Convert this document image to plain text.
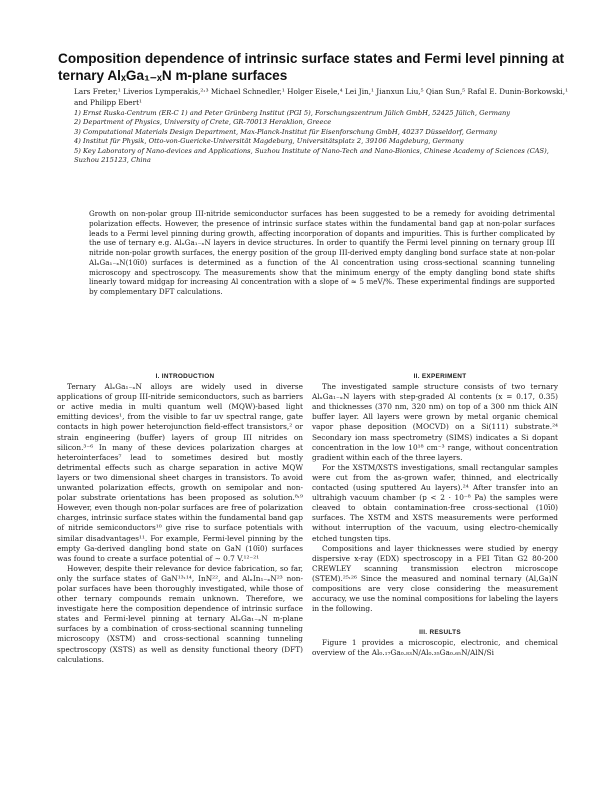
Composition dependence of intrinsic surface states and Fermi level pinning at ternary AlₓGa₁₋ₓN m-plane surfaces
Lars Freter,¹ Liverios Lymperakis,²˒³ Michael Schnedler,¹ Holger Eisele,⁴ Lei Jin,¹ Jianxun Liu,⁵ Qian Sun,⁵ Rafal E. Dunin-Borkowski,¹ and Philipp Ebert¹

1) Ernst Ruska-Centrum (ER-C 1) and Peter Grünberg Institut (PGI 5), Forschungszentrum Jülich GmbH, 52425 Jülich, Germany

2) Department of Physics, University of Crete, GR-70013 Heraklion, Greece

3) Computational Materials Design Department, Max-Planck-Institut für Eisenforschung GmbH, 40237 Düsseldorf, Germany

4) Institut für Physik, Otto-von-Guericke-Universität Magdeburg, Universitätsplatz 2, 39106 Magdeburg, Germany

5) Key Laboratory of Nano-devices and Applications, Suzhou Institute of Nano-Tech and Nano-Bionics, Chinese Academy of Sciences (CAS), Suzhou 215123, China

Growth on non-polar group III-nitride semiconductor surfaces has been suggested to be a remedy for avoiding detrimental polarization effects. However, the presence of intrinsic surface states within the fundamental band gap at non-polar surfaces leads to a Fermi level pinning during growth, affecting incorporation of dopants and impurities. This is further complicated by the use of ternary e.g. AlₓGa₁₋ₓN layers in device structures. In order to quantify the Fermi level pinning on ternary group III nitride non-polar growth surfaces, the energy position of the group III-derived empty dangling bond surface state at non-polar AlₓGa₁₋ₓN(10ī0) surfaces is determined as a function of the Al concentration using cross-sectional scanning tunneling microscopy and spectroscopy. The measurements show that the minimum energy of the empty dangling bond state shifts linearly toward midgap for increasing Al concentration with a slope of ≈ 5 meV/%. These experimental findings are supported by complementary DFT calculations.

I. INTRODUCTION

Ternary AlₓGa₁₋ₓN alloys are widely used in diverse applications of group III-nitride semiconductors, such as barriers or active media in multi quantum well (MQW)-based light emitting devices¹, from the visible to far uv spectral range, gate contacts in high power heterojunction field-effect transistors,² or strain engineering (buffer) layers of group III nitrides on silicon.³⁻⁶ In many of these devices polarization charges at heterointerfaces⁷ lead to sometimes desired but mostly detrimental effects such as charge separation in active MQW layers or two dimensional sheet charges in transistors. To avoid unwanted polarization effects, growth on semipolar and non-polar substrate orientations has been proposed as solution.⁸˒⁹ However, even though non-polar surfaces are free of polarization charges, intrinsic surface states within the fundamental band gap of nitride semiconductors¹⁰ give rise to surface potentials with similar disadvantages¹¹. For example, Fermi-level pinning by the empty Ga-derived dangling bond state on GaN (10ī0) surfaces was found to create a surface potential of ∼ 0.7 V.¹²⁻²¹

However, despite their relevance for device fabrication, so far, only the surface states of GaN¹³˒¹⁴, InN²², and AlₓIn₁₋ₓN²³ non-polar surfaces have been thoroughly investigated, while those of other ternary compounds remain unknown. Therefore, we investigate here the composition dependence of intrinsic surface states and Fermi-level pinning at ternary AlₓGa₁₋ₓN m-plane surfaces by a combination of cross-sectional scanning tunneling microscopy (XSTM) and cross-sectional scanning tunneling spectroscopy (XSTS) as well as density functional theory (DFT) calculations.

II. EXPERIMENT

The investigated sample structure consists of two ternary AlₓGa₁₋ₓN layers with step-graded Al contents (x = 0.17, 0.35) and thicknesses (370 nm, 320 nm) on top of a 300 nm thick AlN buffer layer. All layers were grown by metal organic chemical vapor phase deposition (MOCVD) on a Si(111) substrate.²⁴ Secondary ion mass spectrometry (SIMS) indicates a Si dopant concentration in the low 10¹⁸ cm⁻³ range, without concentration gradient within each of the three layers.

For the XSTM/XSTS investigations, small rectangular samples were cut from the as-grown wafer, thinned, and electrically contacted (using sputtered Au layers).²⁴ After transfer into an ultrahigh vacuum chamber (p < 2 · 10⁻⁸ Pa) the samples were cleaved to obtain contamination-free cross-sectional (10ī0) surfaces. The XSTM and XSTS measurements were performed without interruption of the vacuum, using electro-chemically etched tungsten tips.

Compositions and layer thicknesses were studied by energy dispersive x-ray (EDX) spectroscopy in a FEI Titan G2 80-200 CREWLEY scanning transmission electron microscope (STEM).²⁵˒²⁶ Since the measured and nominal ternary (Al,Ga)N compositions are very close considering the measurement accuracy, we use the nominal compositions for labeling the layers in the following.

III. RESULTS

Figure 1 provides a microscopic, electronic, and chemical overview of the Al₀.₁₇Ga₀.₈₃N/Al₀.₃₅Ga₀.₆₅N/AlN/Si
